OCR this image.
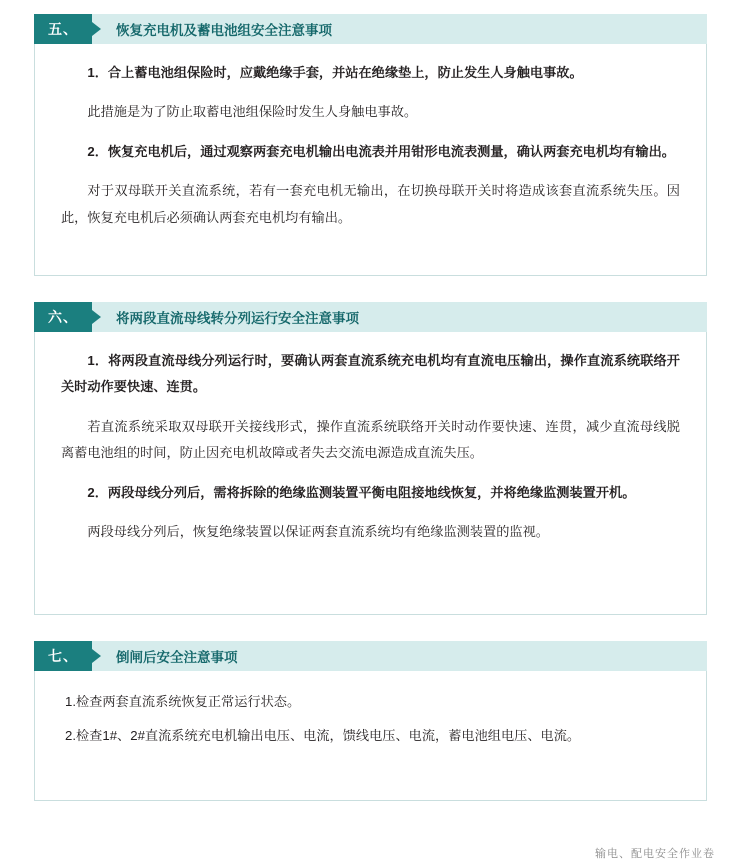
五、	恢复充电机及蓄电池组安全注意事项

1．合上蓄电池组保险时，应戴绝缘手套，并站在绝缘垫上，防止发生人身触电事故。

此措施是为了防止取蓄电池组保险时发生人身触电事故。

2．恢复充电机后，通过观察两套充电机输出电流表并用钳形电流表测量，确认两套充电机均有输出。

对于双母联开关直流系统，若有一套充电机无输出，在切换母联开关时将造成该套直流系统失压。因此，恢复充电机后必须确认两套充电机均有输出。

六、	将两段直流母线转分列运行安全注意事项

1．将两段直流母线分列运行时，要确认两套直流系统充电机均有直流电压输出，操作直流系统联络开关时动作要快速、连贯。

若直流系统采取双母联开关接线形式，操作直流系统联络开关时动作要快速、连贯，减少直流母线脱离蓄电池组的时间，防止因充电机故障或者失去交流电源造成直流失压。

2．两段母线分列后，需将拆除的绝缘监测装置平衡电阻接地线恢复，并将绝缘监测装置开机。

两段母线分列后，恢复绝缘装置以保证两套直流系统均有绝缘监测装置的监视。

七、	倒闸后安全注意事项

1.检查两套直流系统恢复正常运行状态。

2.检查1#、2#直流系统充电机输出电压、电流，馈线电压、电流，蓄电池组电压、电流。

输电、配电安全作业卷
